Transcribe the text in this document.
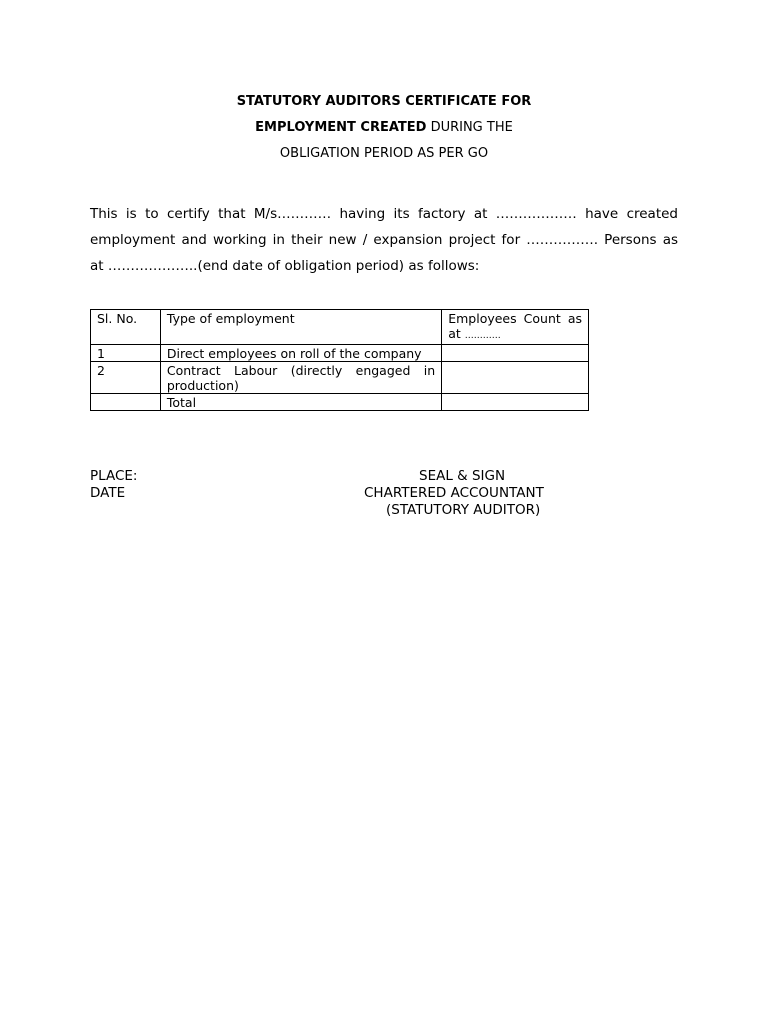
STATUTORY AUDITORS CERTIFICATE FOR
EMPLOYMENT CREATED DURING THE
OBLIGATION PERIOD AS PER GO
This is to certify that M/s………… having its factory at ……………… have created
employment and working in their new / expansion project for ……………. Persons as
at ………………..(end date of obligation period) as follows:
Sl. No.	Type of employment	Employees Count as at …………
1	Direct employees on roll of the company	
2	Contract Labour (directly engaged in production)	
	Total	
PLACE:
DATE
SEAL & SIGN
CHARTERED ACCOUNTANT
(STATUTORY AUDITOR)
